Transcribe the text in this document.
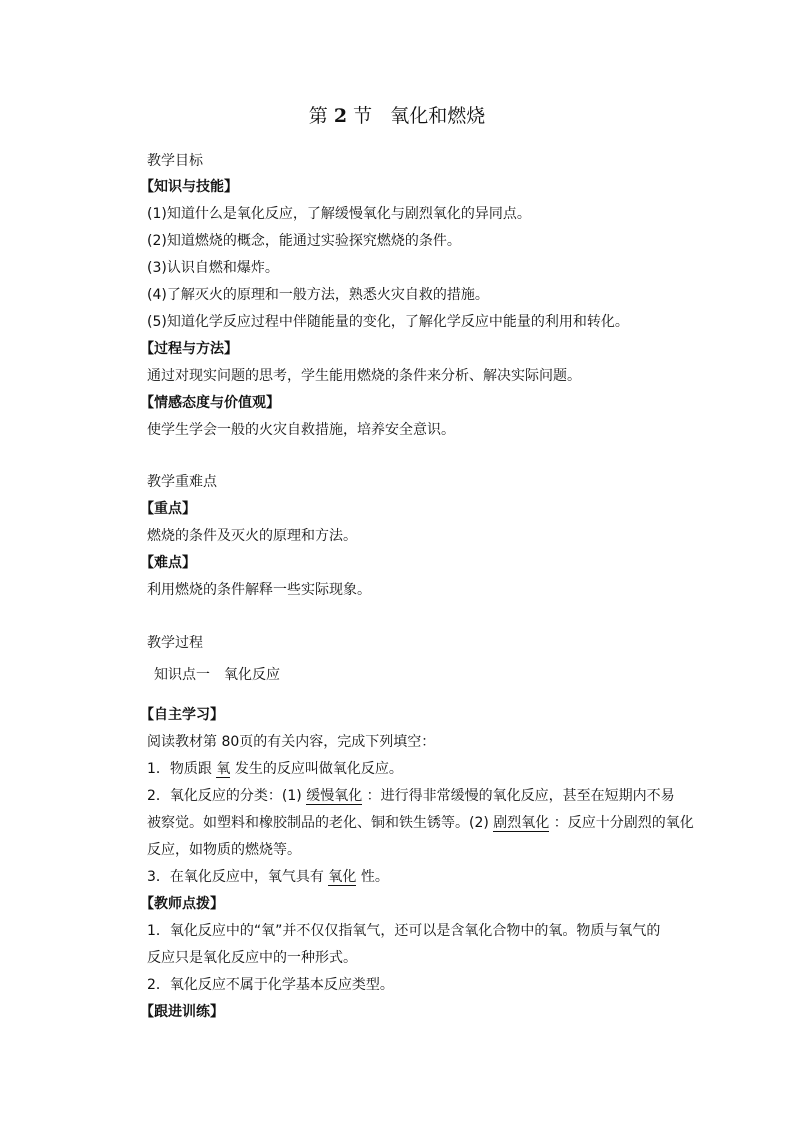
第 2 节 氧化和燃烧
教学目标
【知识与技能】
(1)知道什么是氧化反应，了解缓慢氧化与剧烈氧化的异同点。
(2)知道燃烧的概念，能通过实验探究燃烧的条件。
(3)认识自燃和爆炸。
(4)了解灭火的原理和一般方法，熟悉火灾自救的措施。
(5)知道化学反应过程中伴随能量的变化，了解化学反应中能量的利用和转化。
【过程与方法】
通过对现实问题的思考，学生能用燃烧的条件来分析、解决实际问题。
【情感态度与价值观】
使学生学会一般的火灾自救措施，培养安全意识。
教学重难点
【重点】
燃烧的条件及灭火的原理和方法。
【难点】
利用燃烧的条件解释一些实际现象。
教学过程
知识点一　氧化反应
【自主学习】
阅读教材第 80页的有关内容，完成下列填空：
1．物质跟 氧 发生的反应叫做氧化反应。
2．氧化反应的分类：(1) 缓慢氧化 ：进行得非常缓慢的氧化反应，甚至在短期内不易
被察觉。如塑料和橡胶制品的老化、铜和铁生锈等。(2) 剧烈氧化 ：反应十分剧烈的氧化
反应，如物质的燃烧等。
3．在氧化反应中，氧气具有 氧化 性。
【教师点拨】
1．氧化反应中的“氧”并不仅仅指氧气，还可以是含氧化合物中的氧。物质与氧气的
反应只是氧化反应中的一种形式。
2．氧化反应不属于化学基本反应类型。
【跟进训练】
